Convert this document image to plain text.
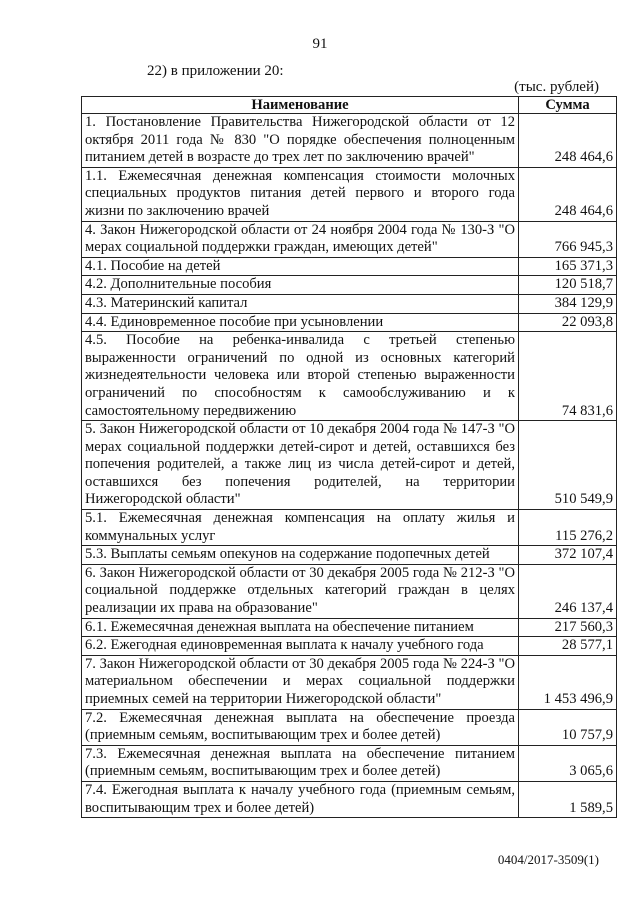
91
22) в приложении 20:
(тыс. рублей)
Наименование	Сумма
1. Постановление Правительства Нижегородской области от 12 октября 2011 года № 830 "О порядке обеспечения полноценным питанием детей в возрасте до трех лет по заключению врачей"	248 464,6
1.1. Ежемесячная денежная компенсация стоимости молочных специальных продуктов питания детей первого и второго года жизни по заключению врачей	248 464,6
4. Закон Нижегородской области от 24 ноября 2004 года № 130-З "О мерах социальной поддержки граждан, имеющих детей"	766 945,3
4.1. Пособие на детей	165 371,3
4.2. Дополнительные пособия	120 518,7
4.3. Материнский капитал	384 129,9
4.4. Единовременное пособие при усыновлении	22 093,8
4.5. Пособие на ребенка-инвалида с третьей степенью выраженности ограничений по одной из основных категорий жизнедеятельности человека или второй степенью выраженности ограничений по способностям к самообслуживанию и к самостоятельному передвижению	74 831,6
5. Закон Нижегородской области от 10 декабря 2004 года № 147-З "О мерах социальной поддержки детей-сирот и детей, оставшихся без попечения родителей, а также лиц из числа детей-сирот и детей, оставшихся без попечения родителей, на территории Нижегородской области"	510 549,9
5.1. Ежемесячная денежная компенсация на оплату жилья и коммунальных услуг	115 276,2
5.3. Выплаты семьям опекунов на содержание подопечных детей	372 107,4
6. Закон Нижегородской области от 30 декабря 2005 года № 212-З "О социальной поддержке отдельных категорий граждан в целях реализации их права на образование"	246 137,4
6.1. Ежемесячная денежная выплата на обеспечение питанием	217 560,3
6.2. Ежегодная единовременная выплата к началу учебного года	28 577,1
7. Закон Нижегородской области от 30 декабря 2005 года № 224-З "О материальном обеспечении и мерах социальной поддержки приемных семей на территории Нижегородской области"	1 453 496,9
7.2. Ежемесячная денежная выплата на обеспечение проезда (приемным семьям, воспитывающим трех и более детей)	10 757,9
7.3. Ежемесячная денежная выплата на обеспечение питанием (приемным семьям, воспитывающим трех и более детей)	3 065,6
7.4. Ежегодная выплата к началу учебного года (приемным семьям, воспитывающим трех и более детей)	1 589,5
0404/2017-3509(1)
